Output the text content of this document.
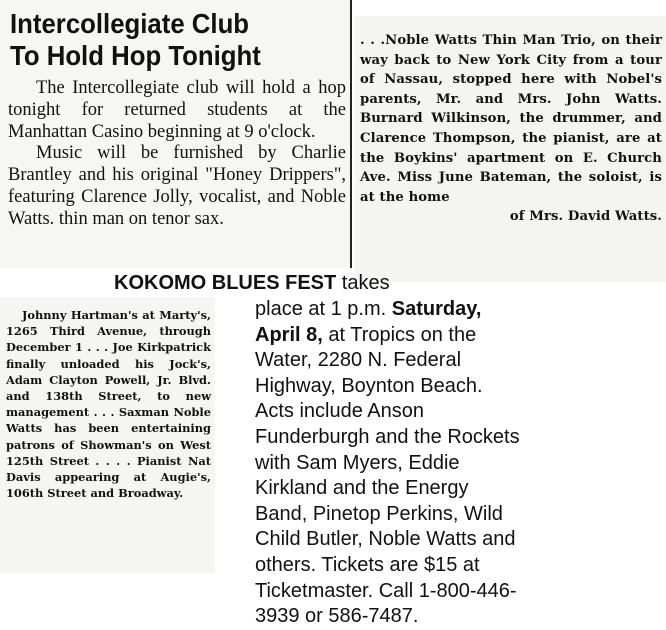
Intercollegiate Club
To Hold Hop Tonight

The Intercollegiate club will hold a hop tonight for returned students at the Manhattan Casino beginning at 9 o'clock.

Music will be furnished by Charlie Brantley and his original "Honey Drippers", featuring Clarence Jolly, vocalist, and Noble Watts. thin man on tenor sax.

. . .Noble Watts Thin Man Trio, on their way back to New York City from a tour of Nassau, stopped here with Nobel's parents, Mr. and Mrs. John Watts. Burnard Wilkinson, the drummer, and Clarence Thompson, the pianist, are at the Boykins' apartment on E. Church Ave. Miss June Bateman, the soloist, is at the home
of Mrs. David Watts.
KOKOMO BLUES FEST takes

Johnny Hartman's at Marty's, 1265 Third Avenue, through December 1 . . . Joe Kirkpatrick finally unloaded his Jock's, Adam Clayton Powell, Jr. Blvd. and 138th Street, to new management . . . Saxman Noble Watts has been entertaining patrons of Showman's on West 125th Street . . . . Pianist Nat Davis appearing at Augie's, 106th Street and Broadway.

place at 1 p.m. Saturday,
April 8, at Tropics on the
Water, 2280 N. Federal
Highway, Boynton Beach.
Acts include Anson
Funderburgh and the Rockets
with Sam Myers, Eddie
Kirkland and the Energy
Band, Pinetop Perkins, Wild
Child Butler, Noble Watts and
others. Tickets are $15 at
Ticketmaster. Call 1-800-446-
3939 or 586-7487.
